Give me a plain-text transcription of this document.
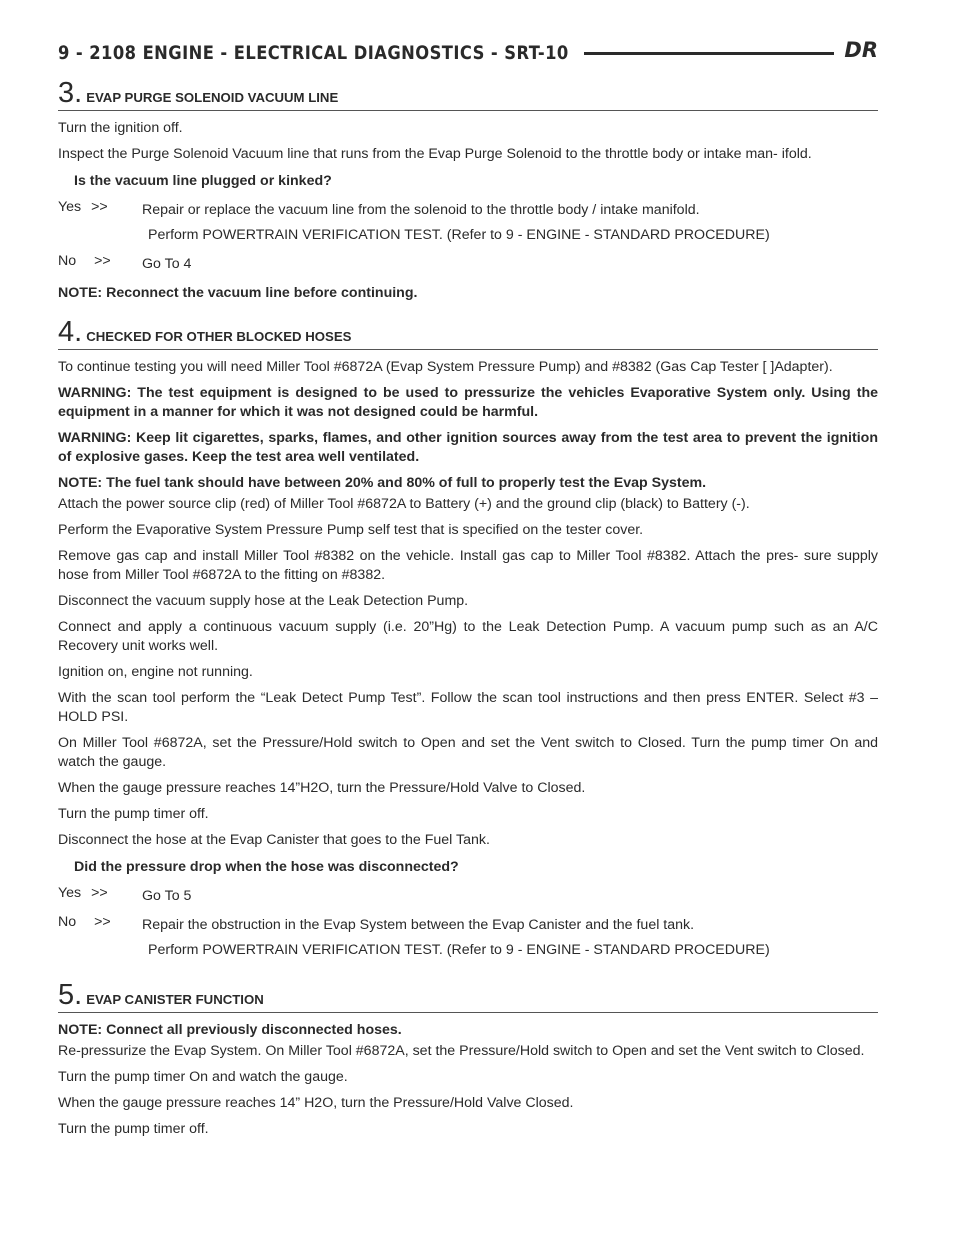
9 - 2108 ENGINE - ELECTRICAL DIAGNOSTICS - SRT-10	DR
3. EVAP PURGE SOLENOID VACUUM LINE
Turn the ignition off.
Inspect the Purge Solenoid Vacuum line that runs from the Evap Purge Solenoid to the throttle body or intake man- ifold.
Is the vacuum line plugged or kinked?
Yes >>	Repair or replace the vacuum line from the solenoid to the throttle body / intake manifold.
Perform POWERTRAIN VERIFICATION TEST. (Refer to 9 - ENGINE - STANDARD PROCEDURE)
No >> Go To 4
NOTE: Reconnect the vacuum line before continuing.
4. CHECKED FOR OTHER BLOCKED HOSES
To continue testing you will need Miller Tool #6872A (Evap System Pressure Pump) and #8382 (Gas Cap Tester [ ]Adapter).
WARNING: The test equipment is designed to be used to pressurize the vehicles Evaporative System only. Using the equipment in a manner for which it was not designed could be harmful.
WARNING: Keep lit cigarettes, sparks, flames, and other ignition sources away from the test area to prevent the ignition of explosive gases. Keep the test area well ventilated.
NOTE: The fuel tank should have between 20% and 80% of full to properly test the Evap System.
Attach the power source clip (red) of Miller Tool #6872A to Battery (+) and the ground clip (black) to Battery (-).
Perform the Evaporative System Pressure Pump self test that is specified on the tester cover.
Remove gas cap and install Miller Tool #8382 on the vehicle. Install gas cap to Miller Tool #8382. Attach the pres- sure supply hose from Miller Tool #6872A to the fitting on #8382.
Disconnect the vacuum supply hose at the Leak Detection Pump.
Connect and apply a continuous vacuum supply (i.e. 20”Hg) to the Leak Detection Pump. A vacuum pump such as an A/C Recovery unit works well.
Ignition on, engine not running.
With the scan tool perform the “Leak Detect Pump Test”. Follow the scan tool instructions and then press ENTER. Select #3 – HOLD PSI.
On Miller Tool #6872A, set the Pressure/Hold switch to Open and set the Vent switch to Closed. Turn the pump timer On and watch the gauge.
When the gauge pressure reaches 14”H2O, turn the Pressure/Hold Valve to Closed.
Turn the pump timer off.
Disconnect the hose at the Evap Canister that goes to the Fuel Tank.
Did the pressure drop when the hose was disconnected?
Yes >>	Go To 5
No >> Repair the obstruction in the Evap System between the Evap Canister and the fuel tank.
Perform POWERTRAIN VERIFICATION TEST. (Refer to 9 - ENGINE - STANDARD PROCEDURE)
5. EVAP CANISTER FUNCTION
NOTE: Connect all previously disconnected hoses.
Re-pressurize the Evap System. On Miller Tool #6872A, set the Pressure/Hold switch to Open and set the Vent switch to Closed.
Turn the pump timer On and watch the gauge.
When the gauge pressure reaches 14” H2O, turn the Pressure/Hold Valve Closed.
Turn the pump timer off.
